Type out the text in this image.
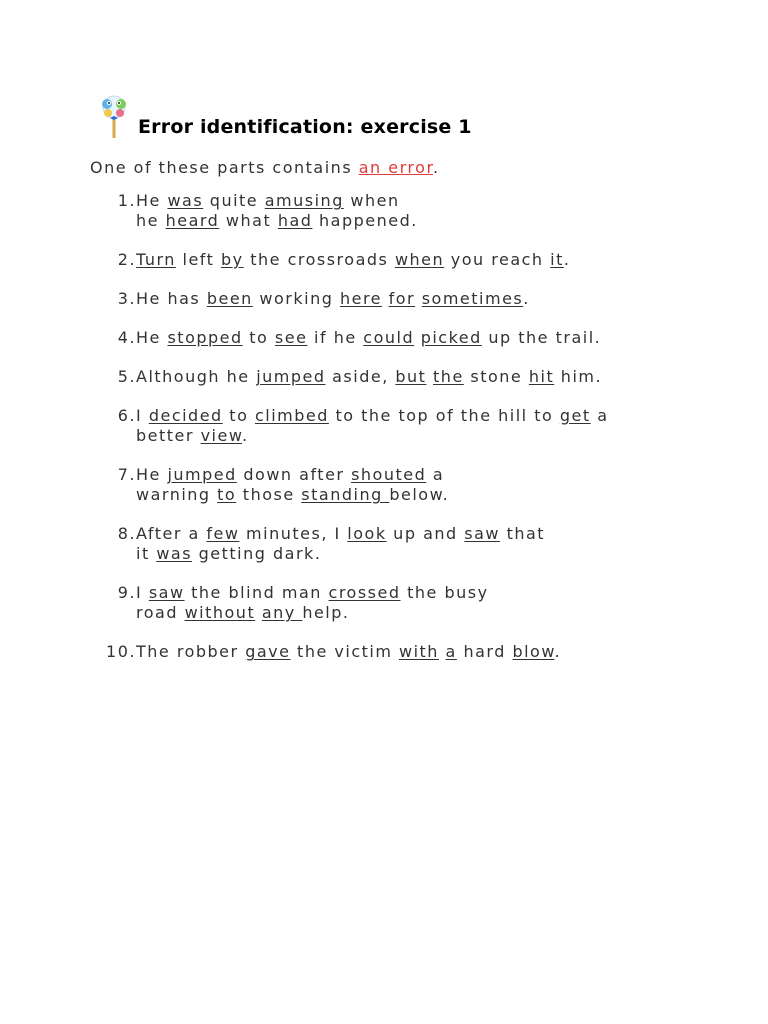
Error identification: exercise 1
One of these parts contains an error.
1. He was quite amusing when
he heard what had happened.
2. Turn left by the crossroads when you reach it.
3. He has been working here for sometimes.
4. He stopped to see if he could picked up the trail.
5. Although he jumped aside, but the stone hit him.
6. I decided to climbed to the top of the hill to get a
better view.
7. He jumped down after shouted a
warning to those standing below.
8. After a few minutes, I look up and saw that
it was getting dark.
9. I saw the blind man crossed the busy
road without any help.
10. The robber gave the victim with a hard blow.
